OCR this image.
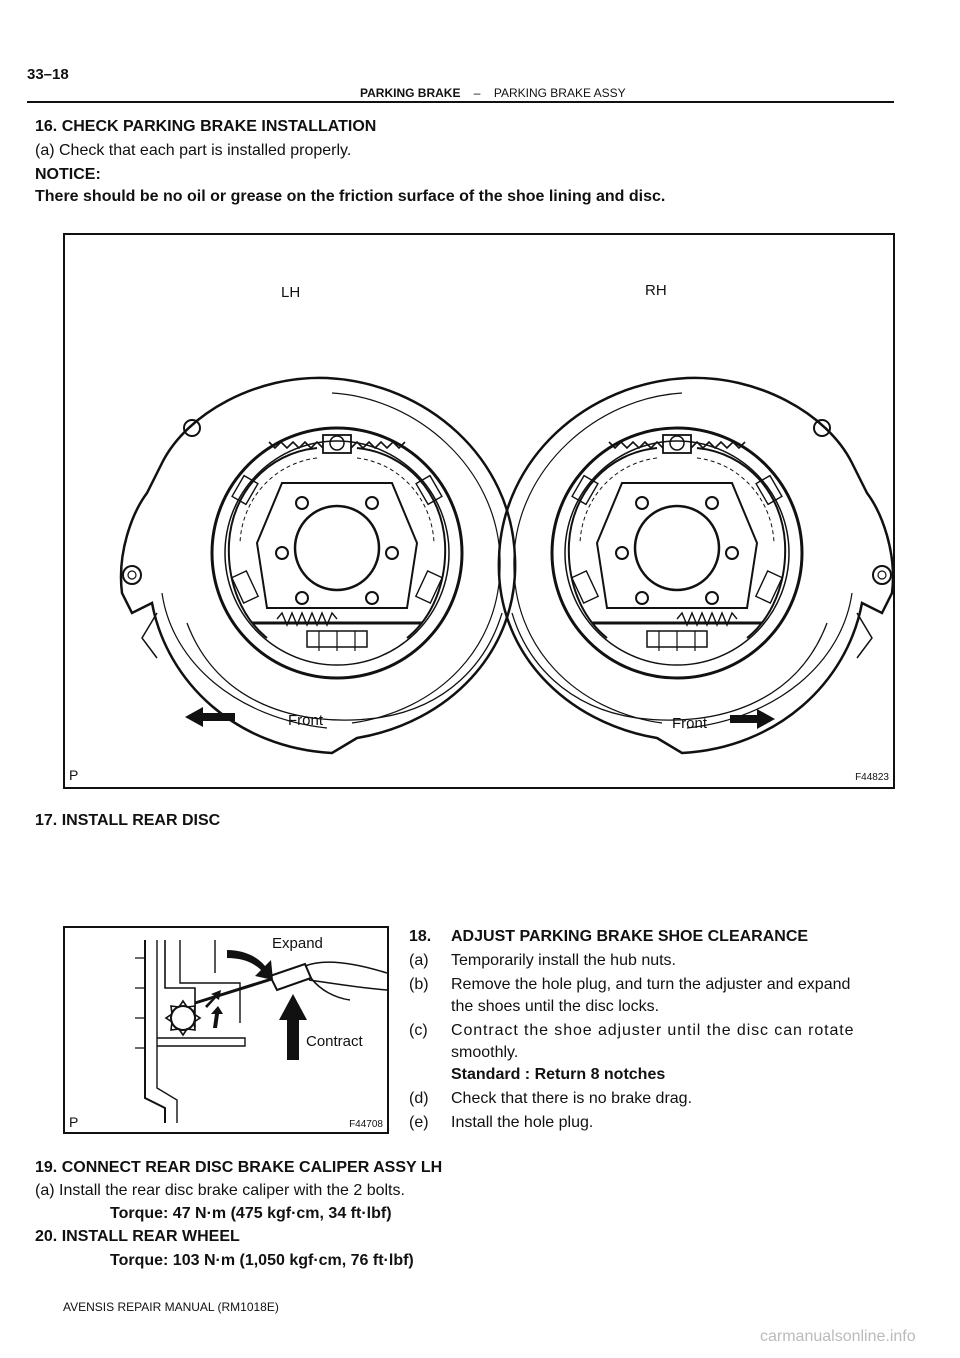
33–18
PARKING BRAKE – PARKING BRAKE ASSY
16. CHECK PARKING BRAKE INSTALLATION
(a) Check that each part is installed properly.
NOTICE:
There should be no oil or grease on the friction surface of the shoe lining and disc.
LH	RH
Front	Front
P	F44823
17. INSTALL REAR DISC
Expand
Contract
P	F44708
18.	ADJUST PARKING BRAKE SHOE CLEARANCE
(a)	Temporarily install the hub nuts.
(b)	Remove the hole plug, and turn the adjuster and expand
the shoes until the disc locks.
(c)	Contract the shoe adjuster until the disc can rotate
smoothly.
Standard : Return 8 notches
(d)	Check that there is no brake drag.
(e)	Install the hole plug.
19. CONNECT REAR DISC BRAKE CALIPER ASSY LH
(a) Install the rear disc brake caliper with the 2 bolts.
Torque: 47 N·m (475 kgf·cm, 34 ft·lbf)
20. INSTALL REAR WHEEL
Torque: 103 N·m (1,050 kgf·cm, 76 ft·lbf)
AVENSIS REPAIR MANUAL (RM1018E)
carmanualsonline.info
